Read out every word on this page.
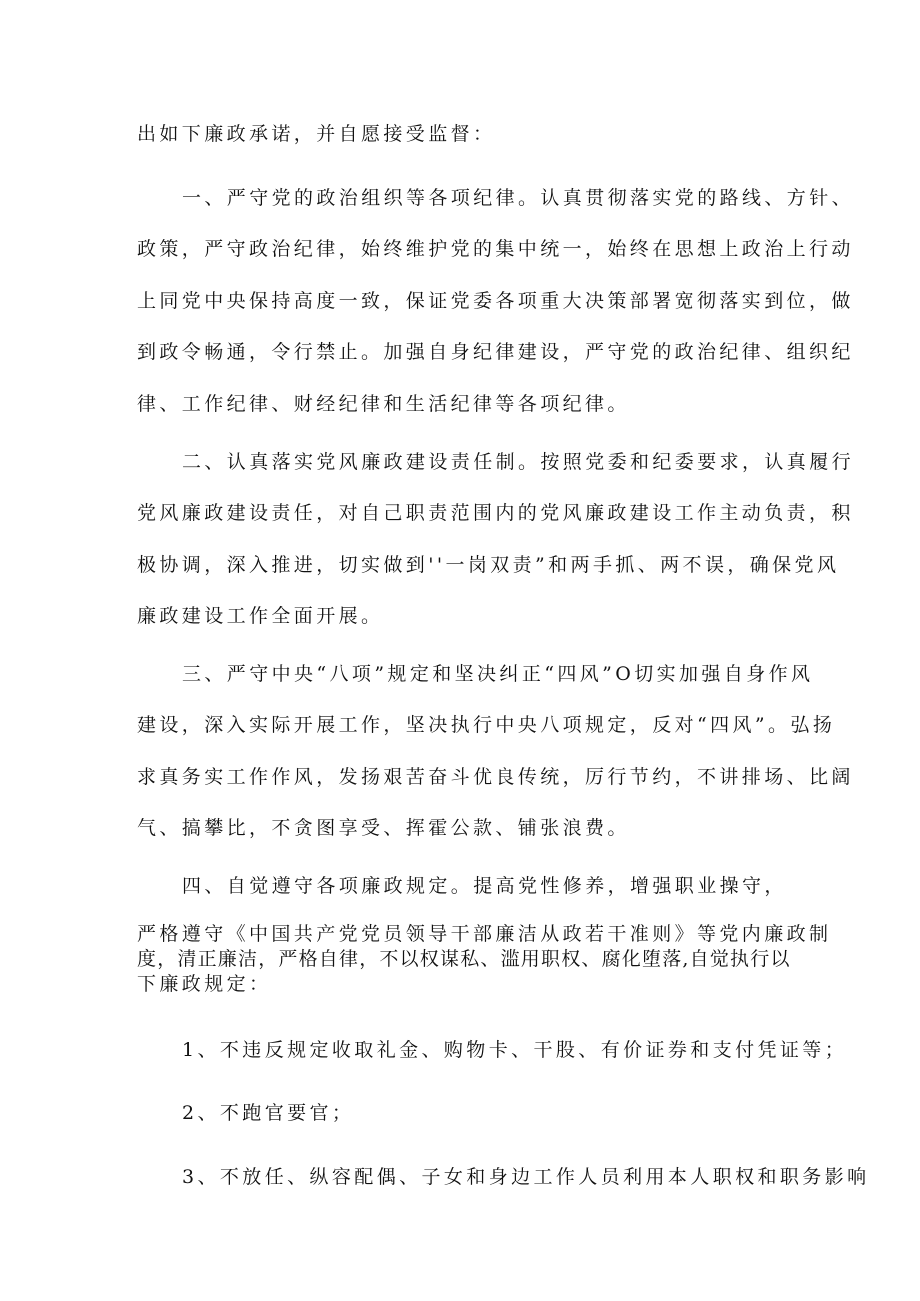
出如下廉政承诺，并自愿接受监督：
一、严守党的政治组织等各项纪律。认真贯彻落实党的路线、方针、
政策，严守政治纪律，始终维护党的集中统一，始终在思想上政治上行动
上同党中央保持高度一致，保证党委各项重大决策部署宽彻落实到位，做
到政令畅通，令行禁止。加强自身纪律建设，严守党的政治纪律、组织纪
律、工作纪律、财经纪律和生活纪律等各项纪律。
二、认真落实党风廉政建设责任制。按照党委和纪委要求，认真履行
党风廉政建设责任，对自己职责范围内的党风廉政建设工作主动负责，积
极协调，深入推进，切实做到''一岗双责”和两手抓、两不误，确保党风
廉政建设工作全面开展。
三、严守中央“八项”规定和坚决纠正“四风”O切实加强自身作风
建设，深入实际开展工作，坚决执行中央八项规定，反对“四风”。弘扬
求真务实工作作风，发扬艰苦奋斗优良传统，厉行节约，不讲排场、比阔
气、搞攀比，不贪图享受、挥霍公款、铺张浪费。
四、自觉遵守各项廉政规定。提高党性修养，增强职业操守，
严格遵守《中国共产党党员领导干部廉洁从政若干准则》等党内廉政制
度，清正廉洁，严格自律，不以权谋私、滥用职权、腐化堕落,自觉执行以
下廉政规定：
1、不违反规定收取礼金、购物卡、干股、有价证券和支付凭证等；
2、不跑官要官；
3、不放任、纵容配偶、子女和身边工作人员利用本人职权和职务影响
